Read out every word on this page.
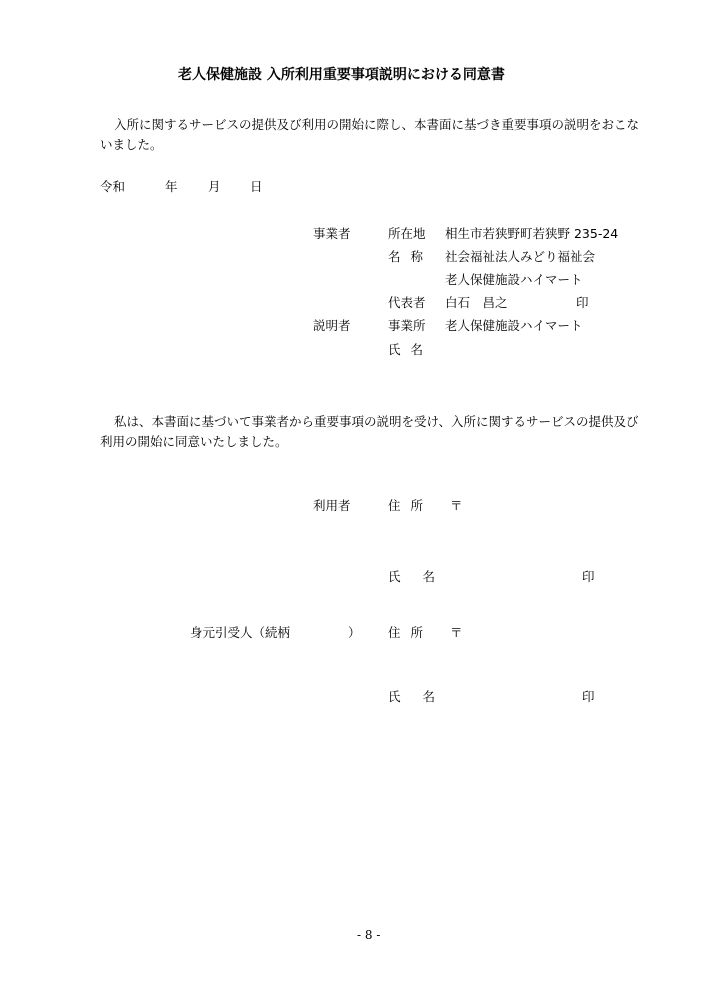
老人保健施設 入所利用重要事項説明における同意書
入所に関するサービスの提供及び利用の開始に際し、本書面に基づき重要事項の説明をおこないました。
令和	年 月 日
事業者	所在地 相生市若狭野町若狭野 235-24
名 称 社会福祉法人みどり福祉会
老人保健施設ハイマート
代表者 白石　昌之	印
説明者	事業所 老人保健施設ハイマート
氏 名
私は、本書面に基づいて事業者から重要事項の説明を受け、入所に関するサービスの提供及び利用の開始に同意いたしました。
利用者	住 所 〒
氏 名	印
身元引受人（続柄	） 住 所 〒
氏 名	印
- 8 -
